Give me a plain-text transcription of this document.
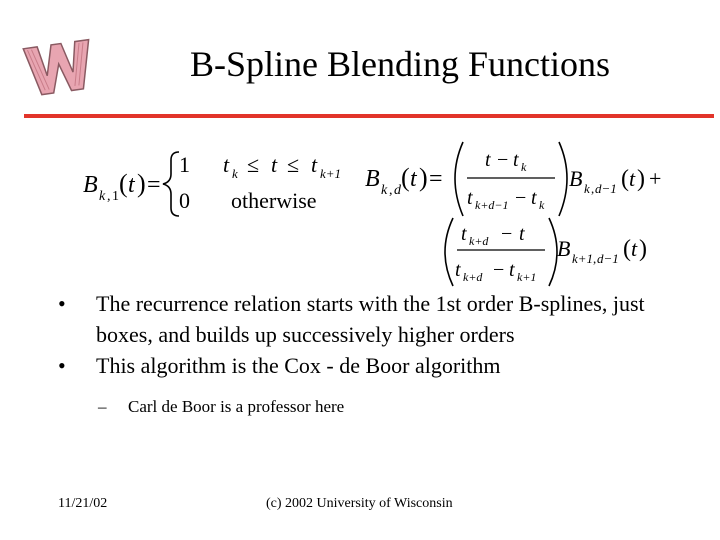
W	B-Spline Blending Functions
B k , 1 ( t ) =
1
0
t k ≤ t ≤ t k+1
otherwise
B k , d ( t ) =
t − t k
t k+d−1 − t k
B k , d−1 ( t ) +
t k+d − t
t k+d − t k+1
B k+1 , d−1 ( t )
• The recurrence relation starts with the 1st order B-splines, just boxes, and builds up successively higher orders
• This algorithm is the Cox - de Boor algorithm
– Carl de Boor is a professor here
11/21/02	(c) 2002 University of Wisconsin
